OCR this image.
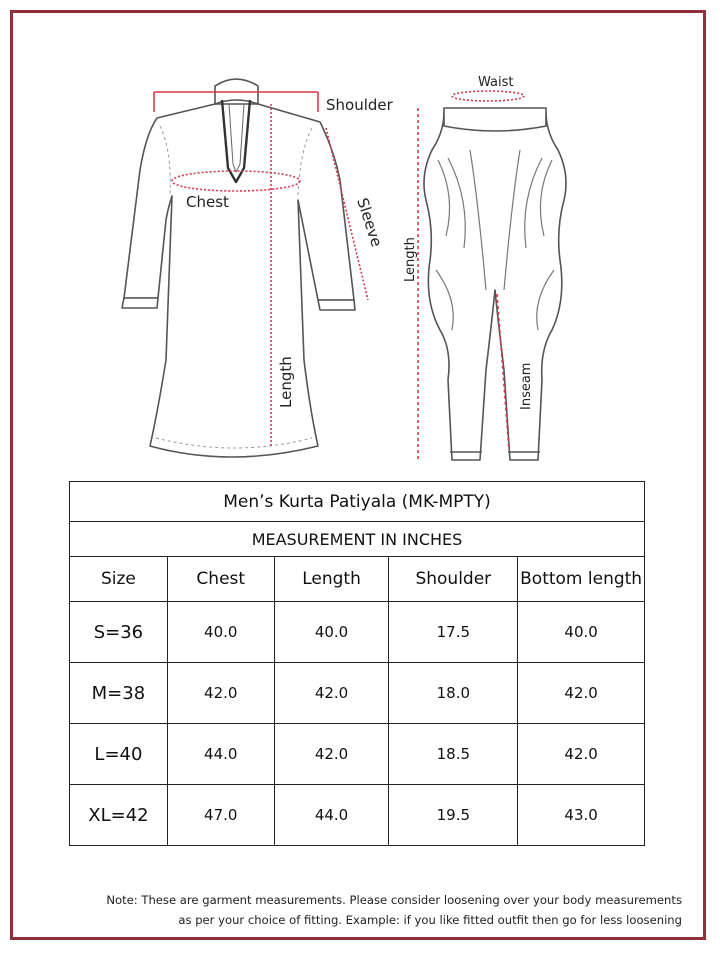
Shoulder
Chest	Sleeve
Length
Waist
Length
Inseam
Men’s Kurta Patiyala (MK-MPTY)				
MEASUREMENT IN INCHES				
Size	Chest	Length	Shoulder	Bottom length
S=36	40.0	40.0	17.5	40.0
M=38	42.0	42.0	18.0	42.0
L=40	44.0	42.0	18.5	42.0
XL=42	47.0	44.0	19.5	43.0
Note: These are garment measurements. Please consider loosening over your body measurements
as per your choice of fitting. Example: if you like fitted outfit then go for less loosening
